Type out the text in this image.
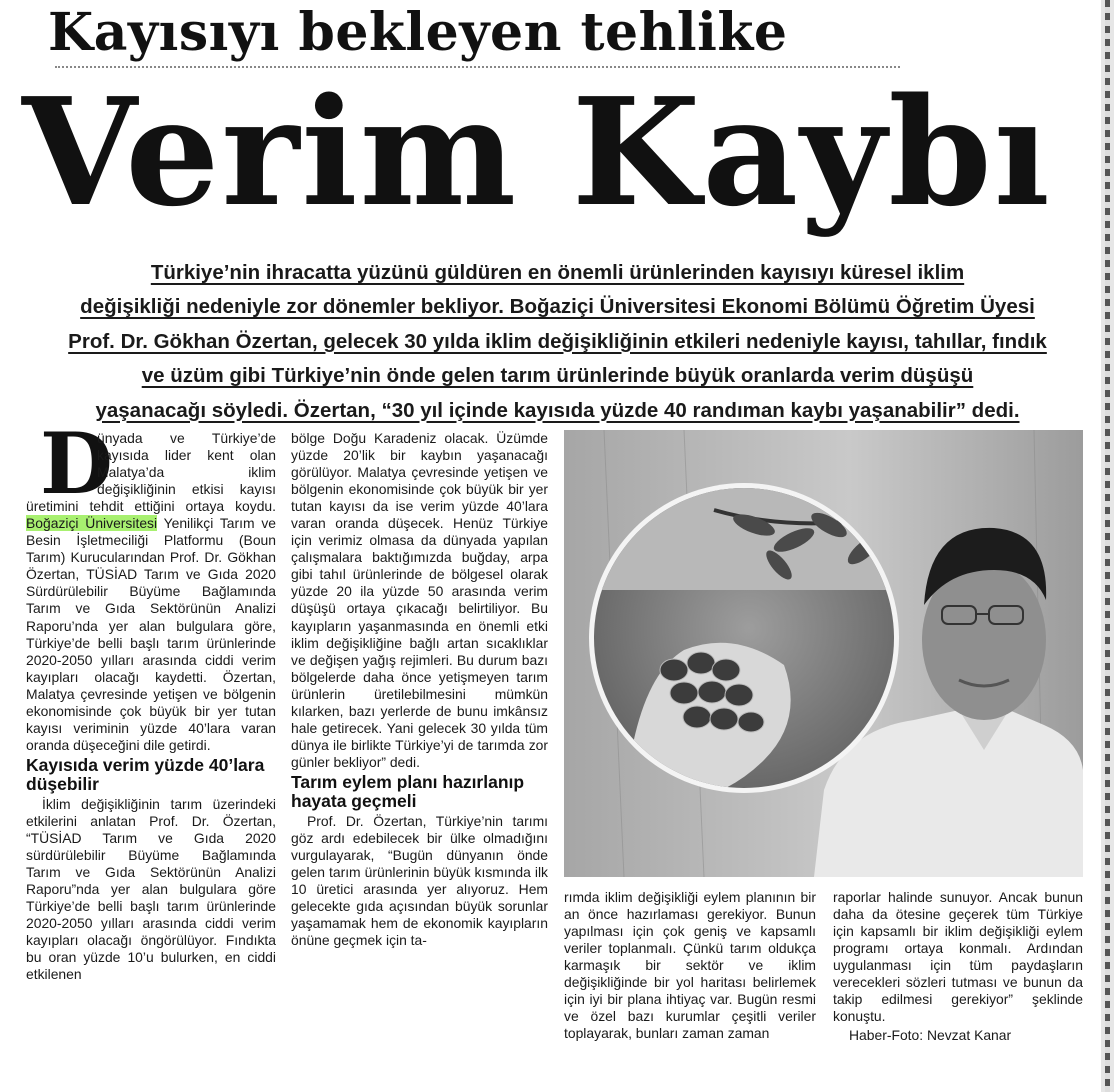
Kayısıyı bekleyen tehlike
Verim Kaybı
Türkiye’nin ihracatta yüzünü güldüren en önemli ürünlerinden kayısıyı küresel iklim
değişikliği nedeniyle zor dönemler bekliyor. Boğaziçi Üniversitesi Ekonomi Bölümü Öğretim Üyesi
Prof. Dr. Gökhan Özertan, gelecek 30 yılda iklim değişikliğinin etkileri nedeniyle kayısı, tahıllar, fındık
ve üzüm gibi Türkiye’nin önde gelen tarım ürünlerinde büyük oranlarda verim düşüşü
yaşanacağı söyledi. Özertan, “30 yıl içinde kayısıda yüzde 40 randıman kaybı yaşanabilir” dedi.

D
ünyada ve Türkiye’de kayısıda lider kent olan Malatya’da iklim değişikliğinin etkisi kayısı üretimini tehdit ettiğini ortaya koydu. Boğaziçi Üniversitesi Yenilikçi Tarım ve Besin İşletmeciliği Platformu (Boun Tarım) Kurucularından Prof. Dr. Gökhan Özertan, TÜSİAD Tarım ve Gıda 2020 Sürdürülebilir Büyüme Bağlamında Tarım ve Gıda Sektörünün Analizi Raporu’nda yer alan bulgulara göre, Türkiye’de belli başlı tarım ürünlerinde 2020-2050 yılları arasında ciddi verim kayıpları olacağı kaydetti. Özertan, Malatya çevresinde yetişen ve bölgenin ekonomisinde çok büyük bir yer tutan kayısı veriminin yüzde 40’lara varan oranda düşeceğini dile getirdi.

Kayısıda verim yüzde 40’lara düşebilir

İklim değişikliğinin tarım üzerindeki etkilerini anlatan Prof. Dr. Özertan, “TÜSİAD Tarım ve Gıda 2020 sürdürülebilir Büyüme Bağlamında Tarım ve Gıda Sektörünün Analizi Raporu”nda yer alan bulgulara göre Türkiye’de belli başlı tarım ürünlerinde 2020-2050 yılları arasında ciddi verim kayıpları olacağı öngörülüyor. Fındıkta bu oran yüzde 10’u bulurken, en ciddi etkilenen

bölge Doğu Karadeniz olacak. Üzümde yüzde 20’lik bir kaybın yaşanacağı görülüyor. Malatya çevresinde yetişen ve bölgenin ekonomisinde çok büyük bir yer tutan kayısı da ise verim yüzde 40’lara varan oranda düşecek. Henüz Türkiye için verimiz olmasa da dünyada yapılan çalışmalara baktığımızda buğday, arpa gibi tahıl ürünlerinde de bölgesel olarak yüzde 20 ila yüzde 50 arasında verim düşüşü ortaya çıkacağı belirtiliyor. Bu kayıpların yaşanmasında en önemli etki iklim değişikliğine bağlı artan sıcaklıklar ve değişen yağış rejimleri. Bu durum bazı bölgelerde daha önce yetişmeyen tarım ürünlerin üretilebilmesini mümkün kılarken, bazı yerlerde de bunu imkânsız hale getirecek. Yani gelecek 30 yılda tüm dünya ile birlikte Türkiye’yi de tarımda zor günler bekliyor” dedi.

Tarım eylem planı hazırlanıp hayata geçmeli

Prof. Dr. Özertan, Türkiye’nin tarımı göz ardı edebilecek bir ülke olmadığını vurgulayarak, “Bugün dünyanın önde gelen tarım ürünlerinin büyük kısmında ilk 10 üretici arasında yer alıyoruz. Hem gelecekte gıda açısından büyük sorunlar yaşamamak hem de ekonomik kayıpların önüne geçmek için ta-

rımda iklim değişikliği eylem planının bir an önce hazırlaması gerekiyor. Bunun yapılması için çok geniş ve kapsamlı veriler toplanmalı. Çünkü tarım oldukça karmaşık bir sektör ve iklim değişikliğinde bir yol haritası belirlemek için iyi bir plana ihtiyaç var. Bugün resmi ve özel bazı kurumlar çeşitli veriler toplayarak, bunları zaman zaman

raporlar halinde sunuyor. Ancak bunun daha da ötesine geçerek tüm Türkiye için kapsamlı bir iklim değişikliği eylem programı ortaya konmalı. Ardından uygulanması için tüm paydaşların verecekleri sözleri tutması ve bunun da takip edilmesi gerekiyor” şeklinde konuştu.

Haber-Foto: Nevzat Kanar
